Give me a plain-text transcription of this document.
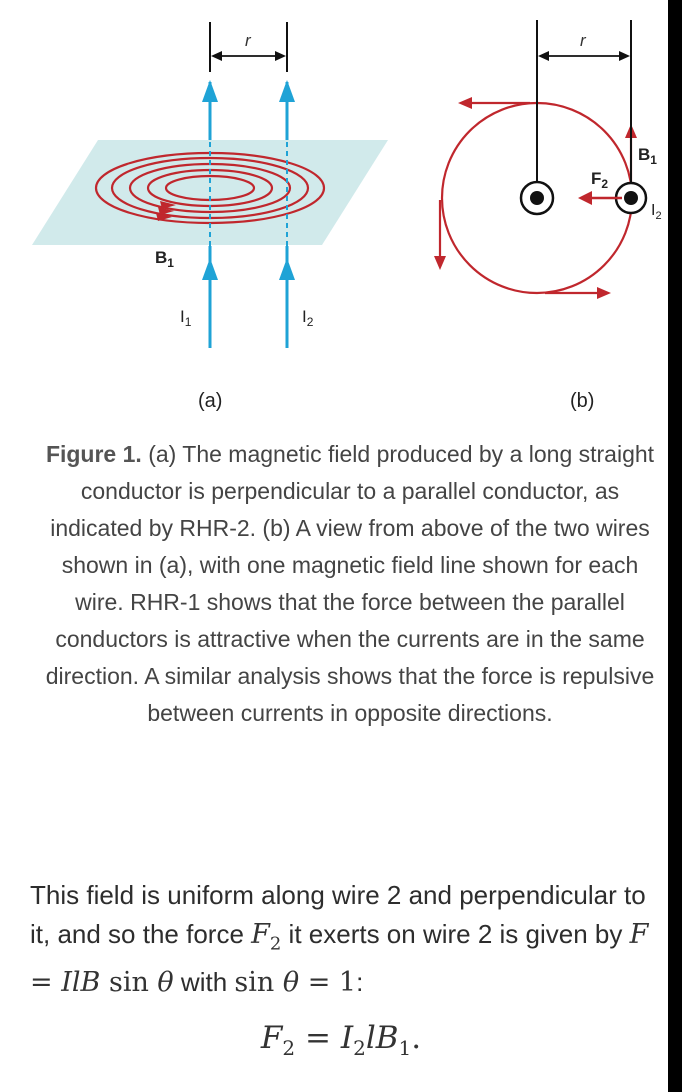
r
$B_1$
$I_1$	$I_2$
r
$F_2$
$B_1$
$I_2$
(a)	(b)
Figure 1. (a) The magnetic field produced by a long straight conductor is perpendicular to a parallel conductor, as indicated by RHR-2. (b) A view from above of the two wires shown in (a), with one magnetic field line shown for each wire. RHR-1 shows that the force between the parallel conductors is attractive when the currents are in the same direction. A similar analysis shows that the force is repulsive between currents in opposite directions.
This field is uniform along wire 2 and perpendicular to it, and so the force $F_2$ it exerts on wire 2 is given by F = IlB sin θ with sin θ = 1:
$F_2 = I_2lB_1$.
